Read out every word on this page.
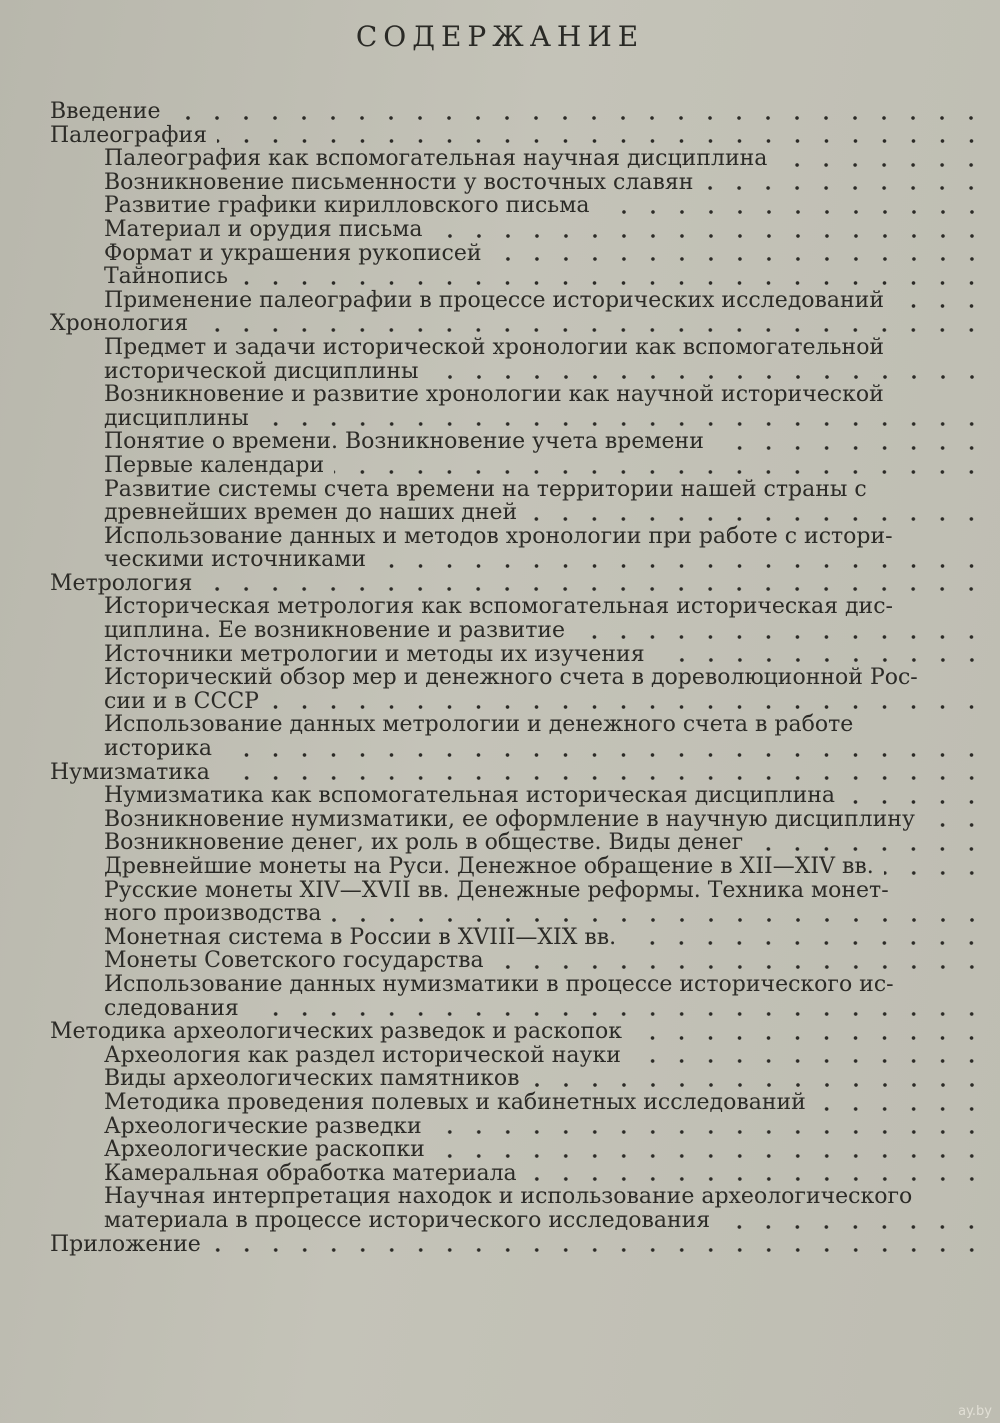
СОДЕРЖАНИЕ
Введение
Палеография
Палеография как вспомогательная научная дисциплина
Возникновение письменности у восточных славян
Развитие графики кирилловского письма
Материал и орудия письма
Формат и украшения рукописей
Тайнопись
Применение палеографии в процессе исторических исследований
Хронология
Предмет и задачи исторической хронологии как вспомогательной
исторической дисциплины
Возникновение и развитие хронологии как научной исторической
дисциплины
Понятие о времени. Возникновение учета времени
Первые календари
Развитие системы счета времени на территории нашей страны с
древнейших времен до наших дней
Использование данных и методов хронологии при работе с истори-
ческими источниками
Метрология
Историческая метрология как вспомогательная историческая дис-
циплина. Ее возникновение и развитие
Источники метрологии и методы их изучения
Исторический обзор мер и денежного счета в дореволюционной Рос-
сии и в СССР
Использование данных метрологии и денежного счета в работе
историка
Нумизматика
Нумизматика как вспомогательная историческая дисциплина
Возникновение нумизматики, ее оформление в научную дисциплину
Возникновение денег, их роль в обществе. Виды денег
Древнейшие монеты на Руси. Денежное обращение в XII—XIV вв.
Русские монеты XIV—XVII вв. Денежные реформы. Техника монет-
ного производства
Монетная система в России в XVIII—XIX вв.
Монеты Советского государства
Использование данных нумизматики в процессе исторического ис-
следования
Методика археологических разведок и раскопок
Археология как раздел исторической науки
Виды археологических памятников
Методика проведения полевых и кабинетных исследований
Археологические разведки
Археологические раскопки
Камеральная обработка материала
Научная интерпретация находок и использование археологического
материала в процессе исторического исследования
Приложение
ay.by
